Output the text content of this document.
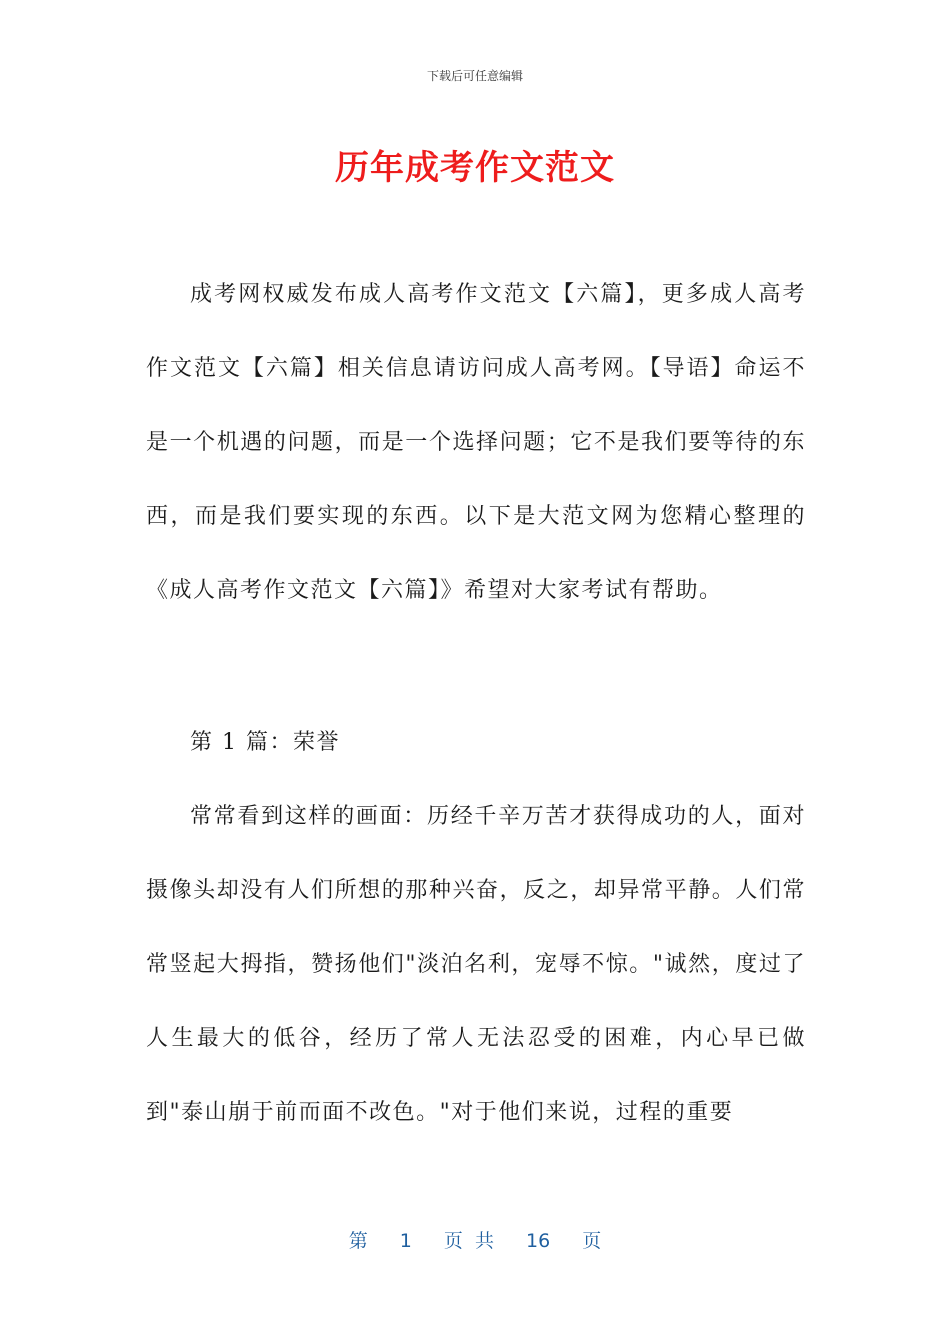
下载后可任意编辑
历年成考作文范文

成考网权威发布成人高考作文范文【六篇】，更多成人高考作文范文【六篇】相关信息请访问成人高考网。【导语】命运不是一个机遇的问题，而是一个选择问题；它不是我们要等待的东西，而是我们要实现的东西。以下是大范文网为您精心整理的《成人高考作文范文【六篇】》希望对大家考试有帮助。

第 1 篇：荣誉

常常看到这样的画面：历经千辛万苦才获得成功的人，面对摄像头却没有人们所想的那种兴奋，反之，却异常平静。人们常常竖起大拇指，赞扬他们"淡泊名利，宠辱不惊。"诚然，度过了人生最大的低谷，经历了常人无法忍受的困难，内心早已做到"泰山崩于前而面不改色。"对于他们来说，过程的重要

第 1 页 共 16 页
